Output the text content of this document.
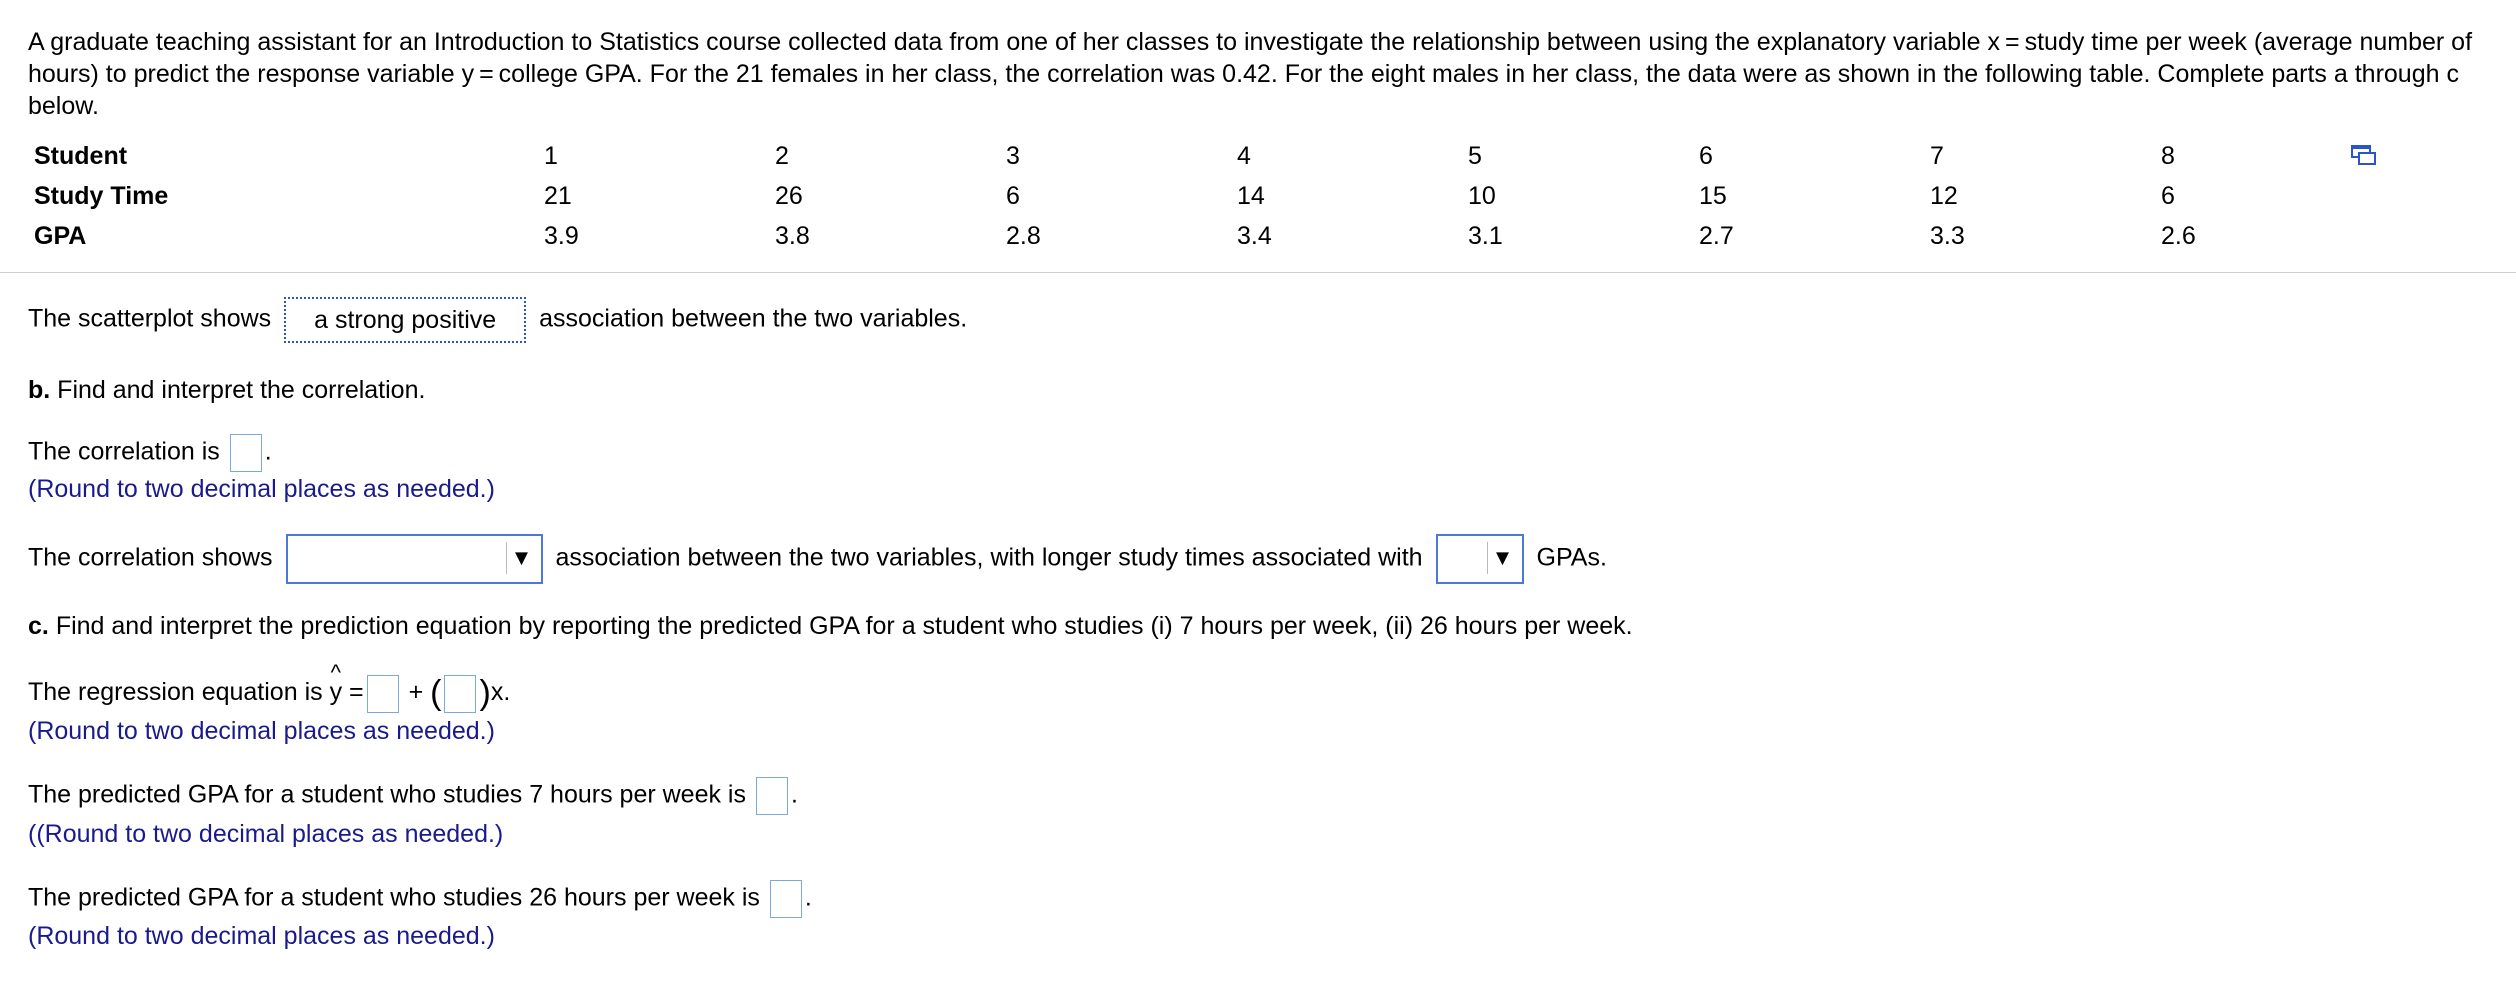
A graduate teaching assistant for an Introduction to Statistics course collected data from one of her classes to investigate the relationship between using the explanatory variable x = study time per week (average number of hours) to predict the response variable y = college GPA. For the 21 females in her class, the correlation was 0.42. For the eight males in her class, the data were as shown in the following table. Complete parts a through c below.
Student	1	2	3	4	5	6	7	8
Study Time	21	26	6	14	10	15	12	6
GPA	3.9	3.8	2.8	3.4	3.1	2.7	3.3	2.6
The scatterplot shows a strong positive association between the two variables.
b. Find and interpret the correlation.
The correlation is .
(Round to two decimal places as needed.)
The correlation shows	▼ association between the two variables, with longer study times associated with	▼ GPAs.
c. Find and interpret the prediction equation by reporting the predicted GPA for a student who studies (i) 7 hours per week, (ii) 26 hours per week.
The regression equation is
^
y = + ( )x.
(Round to two decimal places as needed.)
The predicted GPA for a student who studies 7 hours per week is .
((Round to two decimal places as needed.)
The predicted GPA for a student who studies 26 hours per week is .
(Round to two decimal places as needed.)
